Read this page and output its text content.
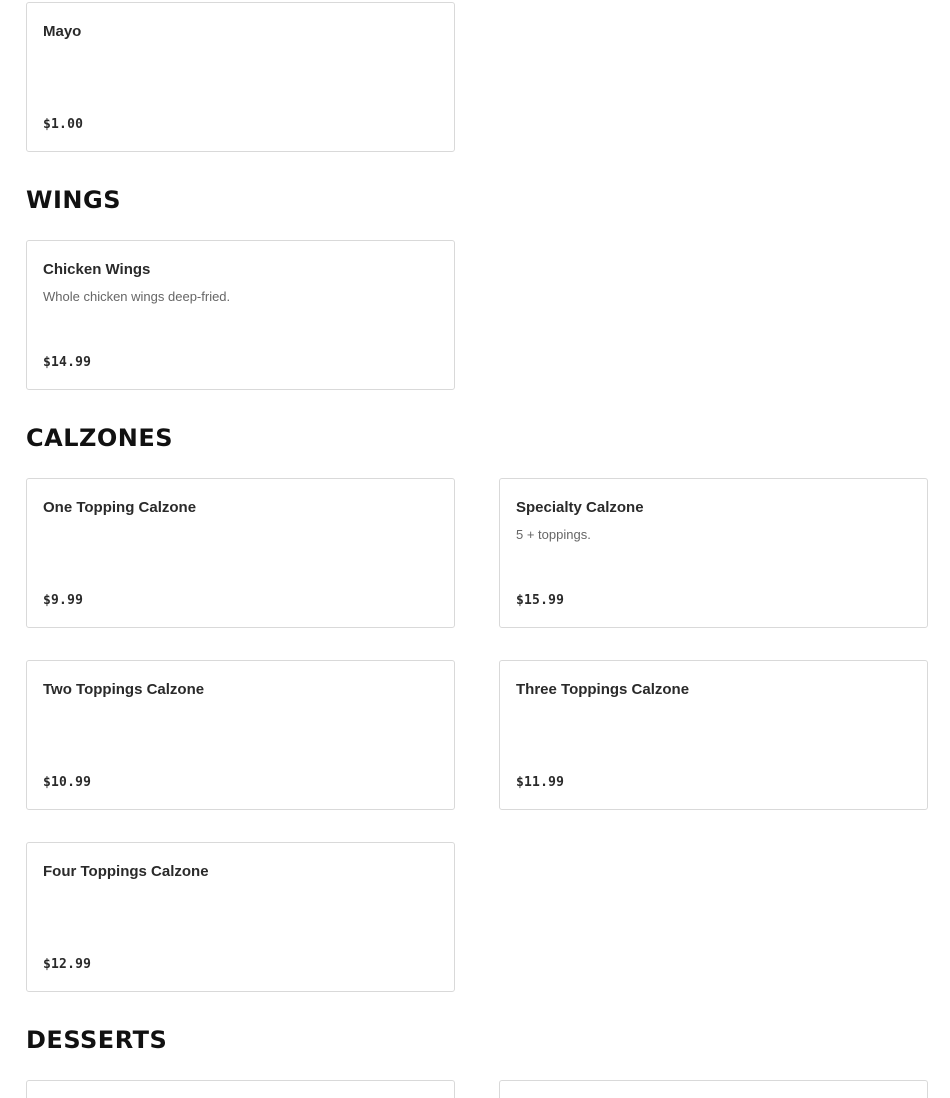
Mayo
$1.00
WINGS
Chicken Wings
Whole chicken wings deep-fried.
$14.99
CALZONES
One Topping Calzone
$9.99
Specialty Calzone
5 + toppings.
$15.99
Two Toppings Calzone
$10.99
Three Toppings Calzone
$11.99
Four Toppings Calzone
$12.99
DESSERTS
